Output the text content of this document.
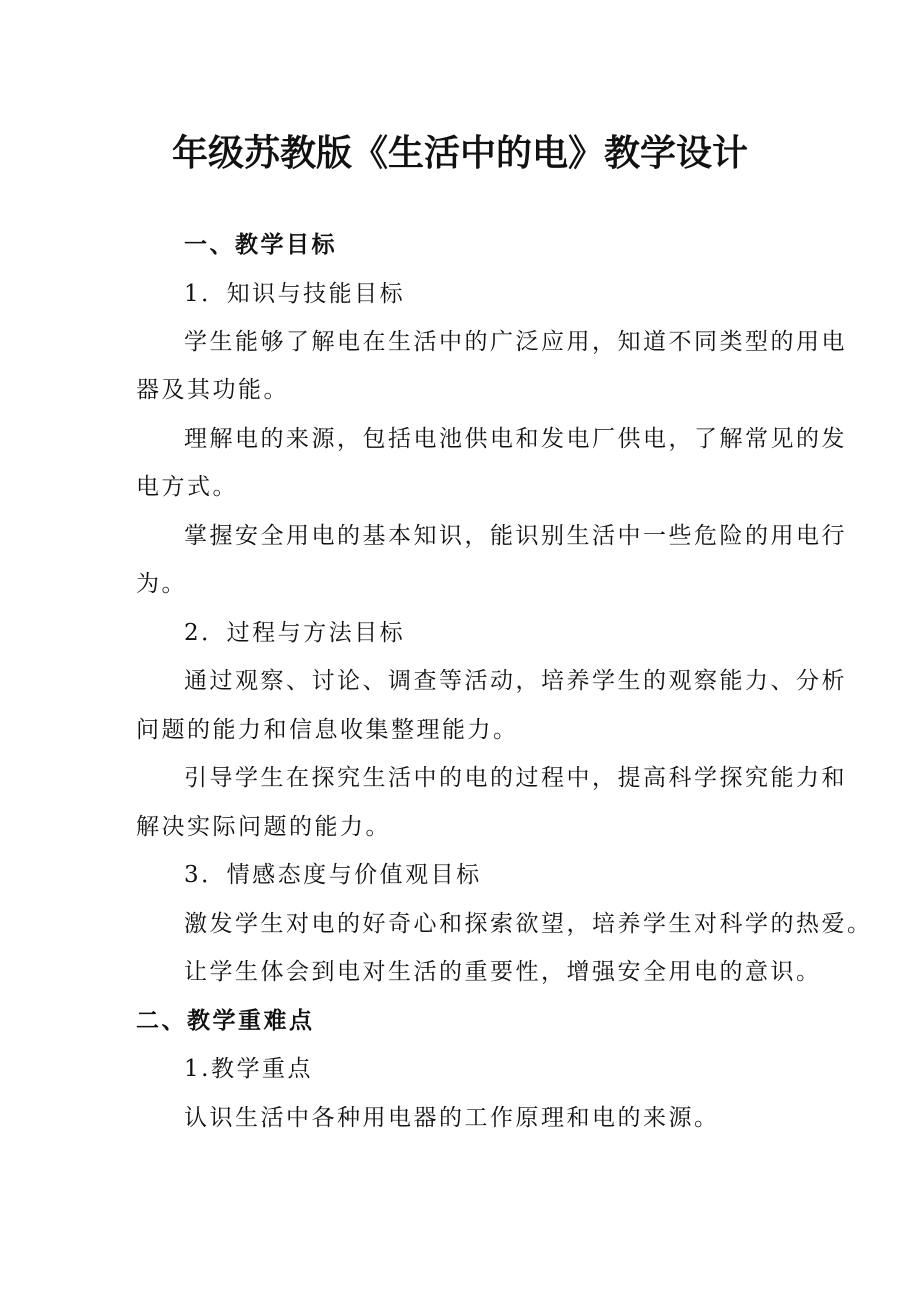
年级苏教版《生活中的电》教学设计
一、教学目标
1．知识与技能目标
学生能够了解电在生活中的广泛应用，知道不同类型的用电
器及其功能。
理解电的来源，包括电池供电和发电厂供电，了解常见的发
电方式。
掌握安全用电的基本知识，能识别生活中一些危险的用电行
为。
2．过程与方法目标
通过观察、讨论、调查等活动，培养学生的观察能力、分析
问题的能力和信息收集整理能力。
引导学生在探究生活中的电的过程中，提高科学探究能力和
解决实际问题的能力。
3．情感态度与价值观目标
激发学生对电的好奇心和探索欲望，培养学生对科学的热爱。
让学生体会到电对生活的重要性，增强安全用电的意识。
二、教学重难点
1.教学重点
认识生活中各种用电器的工作原理和电的来源。
